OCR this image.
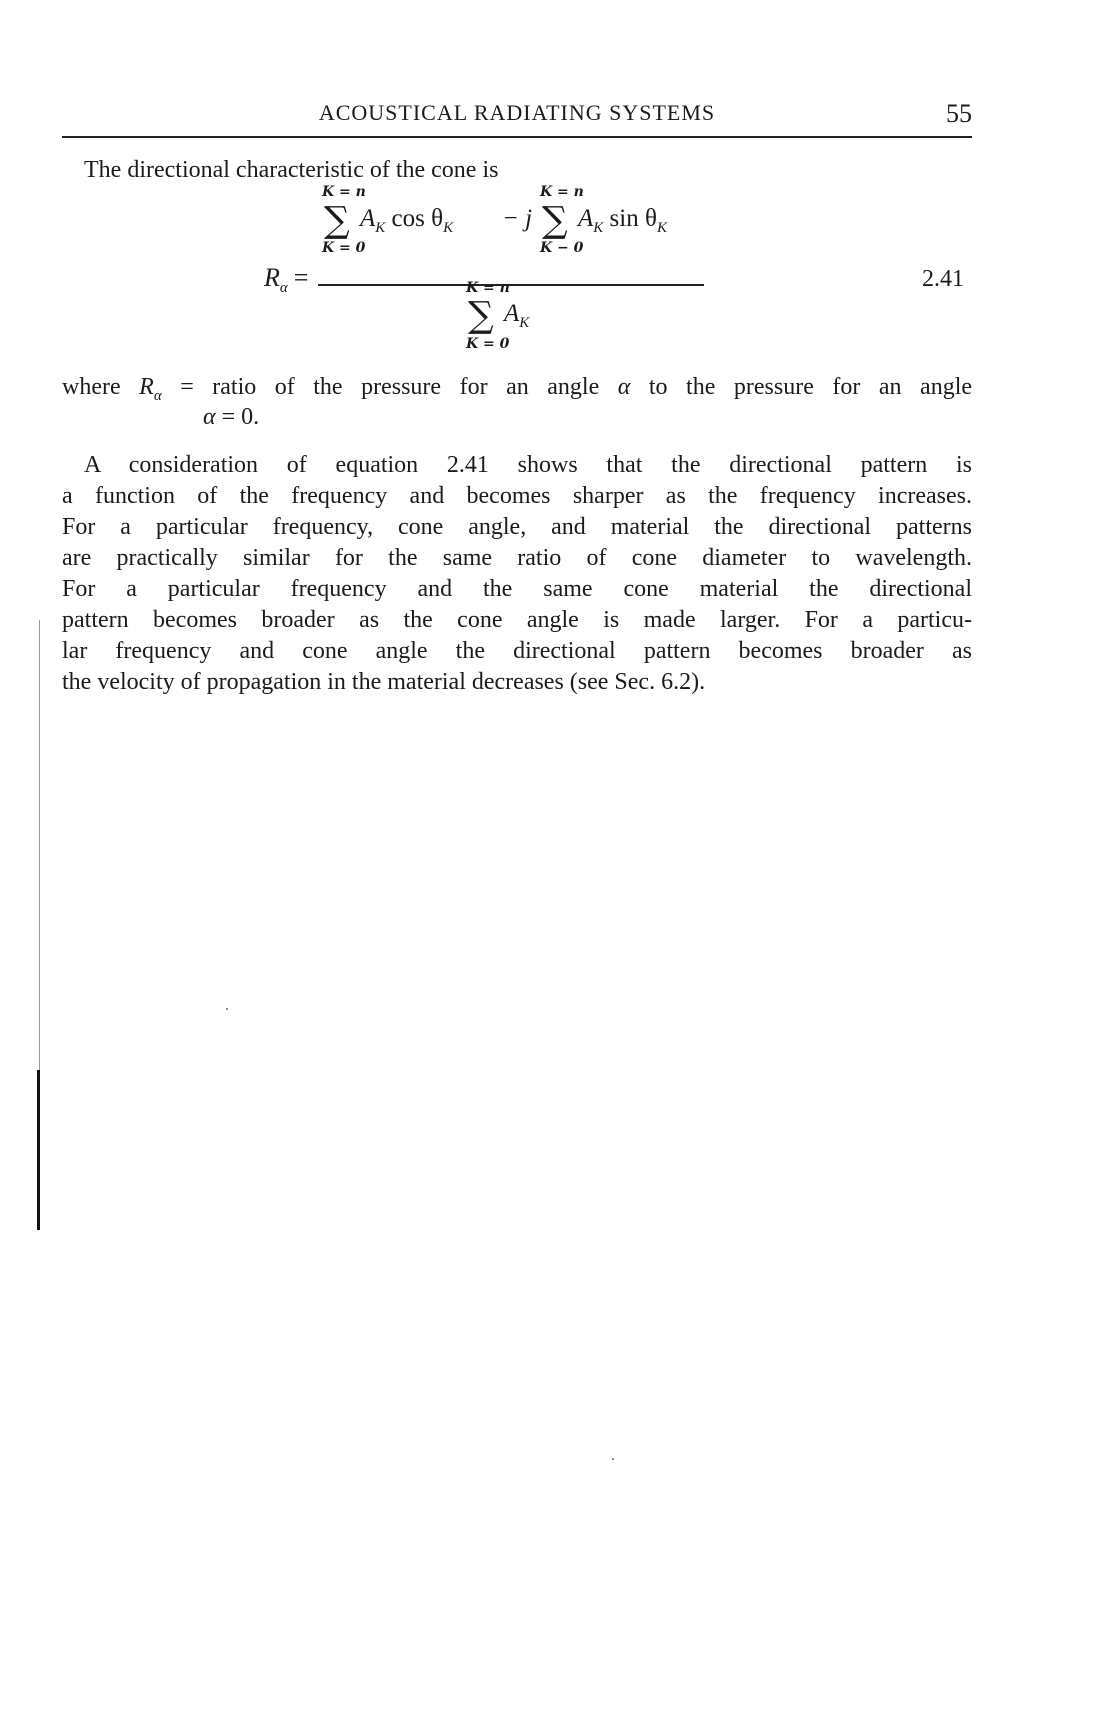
ACOUSTICAL RADIATING SYSTEMS	55
The directional characteristic of the cone is
$R_\alpha$ =
K = n
∑
K = 0
$A_K$ $\cos \theta_K - j$
K = n
∑
K − 0
$A_K$ $\sin \theta_K$
K = n
∑
K = 0
$A_K$
2.41
where $R_\alpha$ = ratio of the pressure for an angle α to the pressure for an angle
α = 0.
A consideration of equation 2.41 shows that the directional pattern is
a function of the frequency and becomes sharper as the frequency increases.
For a particular frequency, cone angle, and material the directional patterns
are practically similar for the same ratio of cone diameter to wavelength.
For a particular frequency and the same cone material the directional
pattern becomes broader as the cone angle is made larger. For a particu-
lar frequency and cone angle the directional pattern becomes broader as
the velocity of propagation in the material decreases (see Sec. 6.2).
